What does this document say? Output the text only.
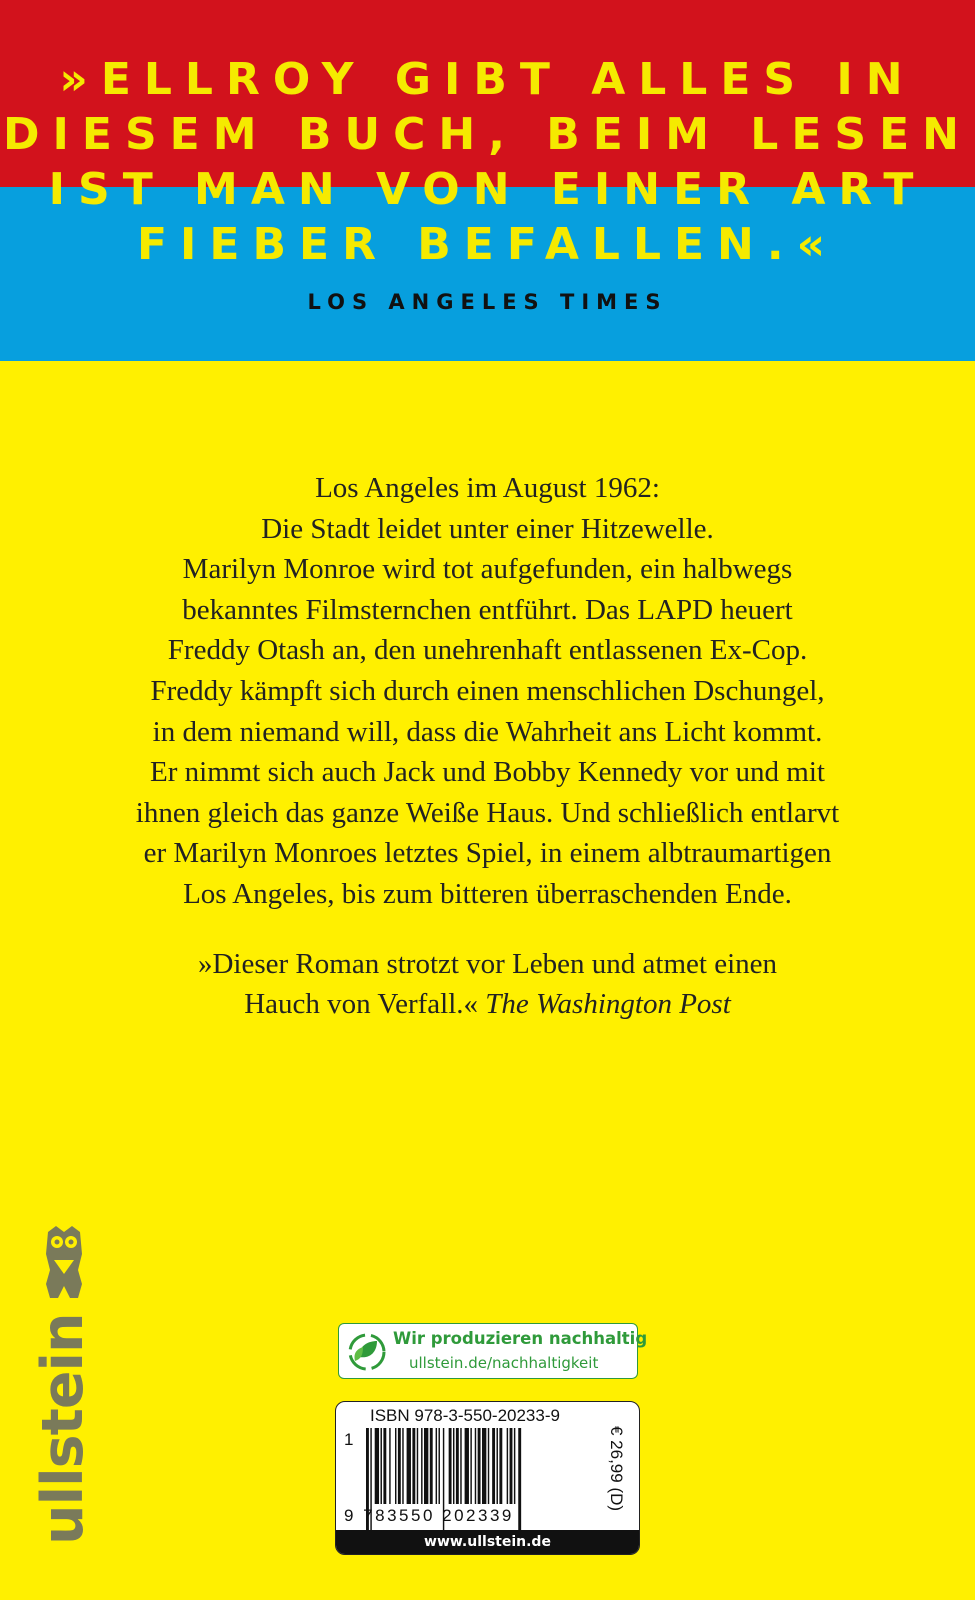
»ELLROY GIBT ALLES IN
DIESEM BUCH, BEIM LESEN
IST MAN VON EINER ART
FIEBER BEFALLEN.«
LOS ANGELES TIMES
Los Angeles im August 1962:
Die Stadt leidet unter einer Hitzewelle.
Marilyn Monroe wird tot aufgefunden, ein halbwegs
bekanntes Filmsternchen entführt. Das LAPD heuert
Freddy Otash an, den unehrenhaft entlassenen Ex-Cop.
Freddy kämpft sich durch einen menschlichen Dschungel,
in dem niemand will, dass die Wahrheit ans Licht kommt.
Er nimmt sich auch Jack und Bobby Kennedy vor und mit
ihnen gleich das ganze Weiße Haus. Und schließlich entlarvt
er Marilyn Monroes letztes Spiel, in einem albtraumartigen
Los Angeles, bis zum bitteren überraschenden Ende.
»Dieser Roman strotzt vor Leben und atmet einen
Hauch von Verfall.« The Washington Post
ullstein	Wir produzieren nachhaltig
ullstein.de/nachhaltigkeit
ISBN 978-3-550-20233-9
1
9 783550 202339
€ 26,99 (D)
www.ullstein.de
